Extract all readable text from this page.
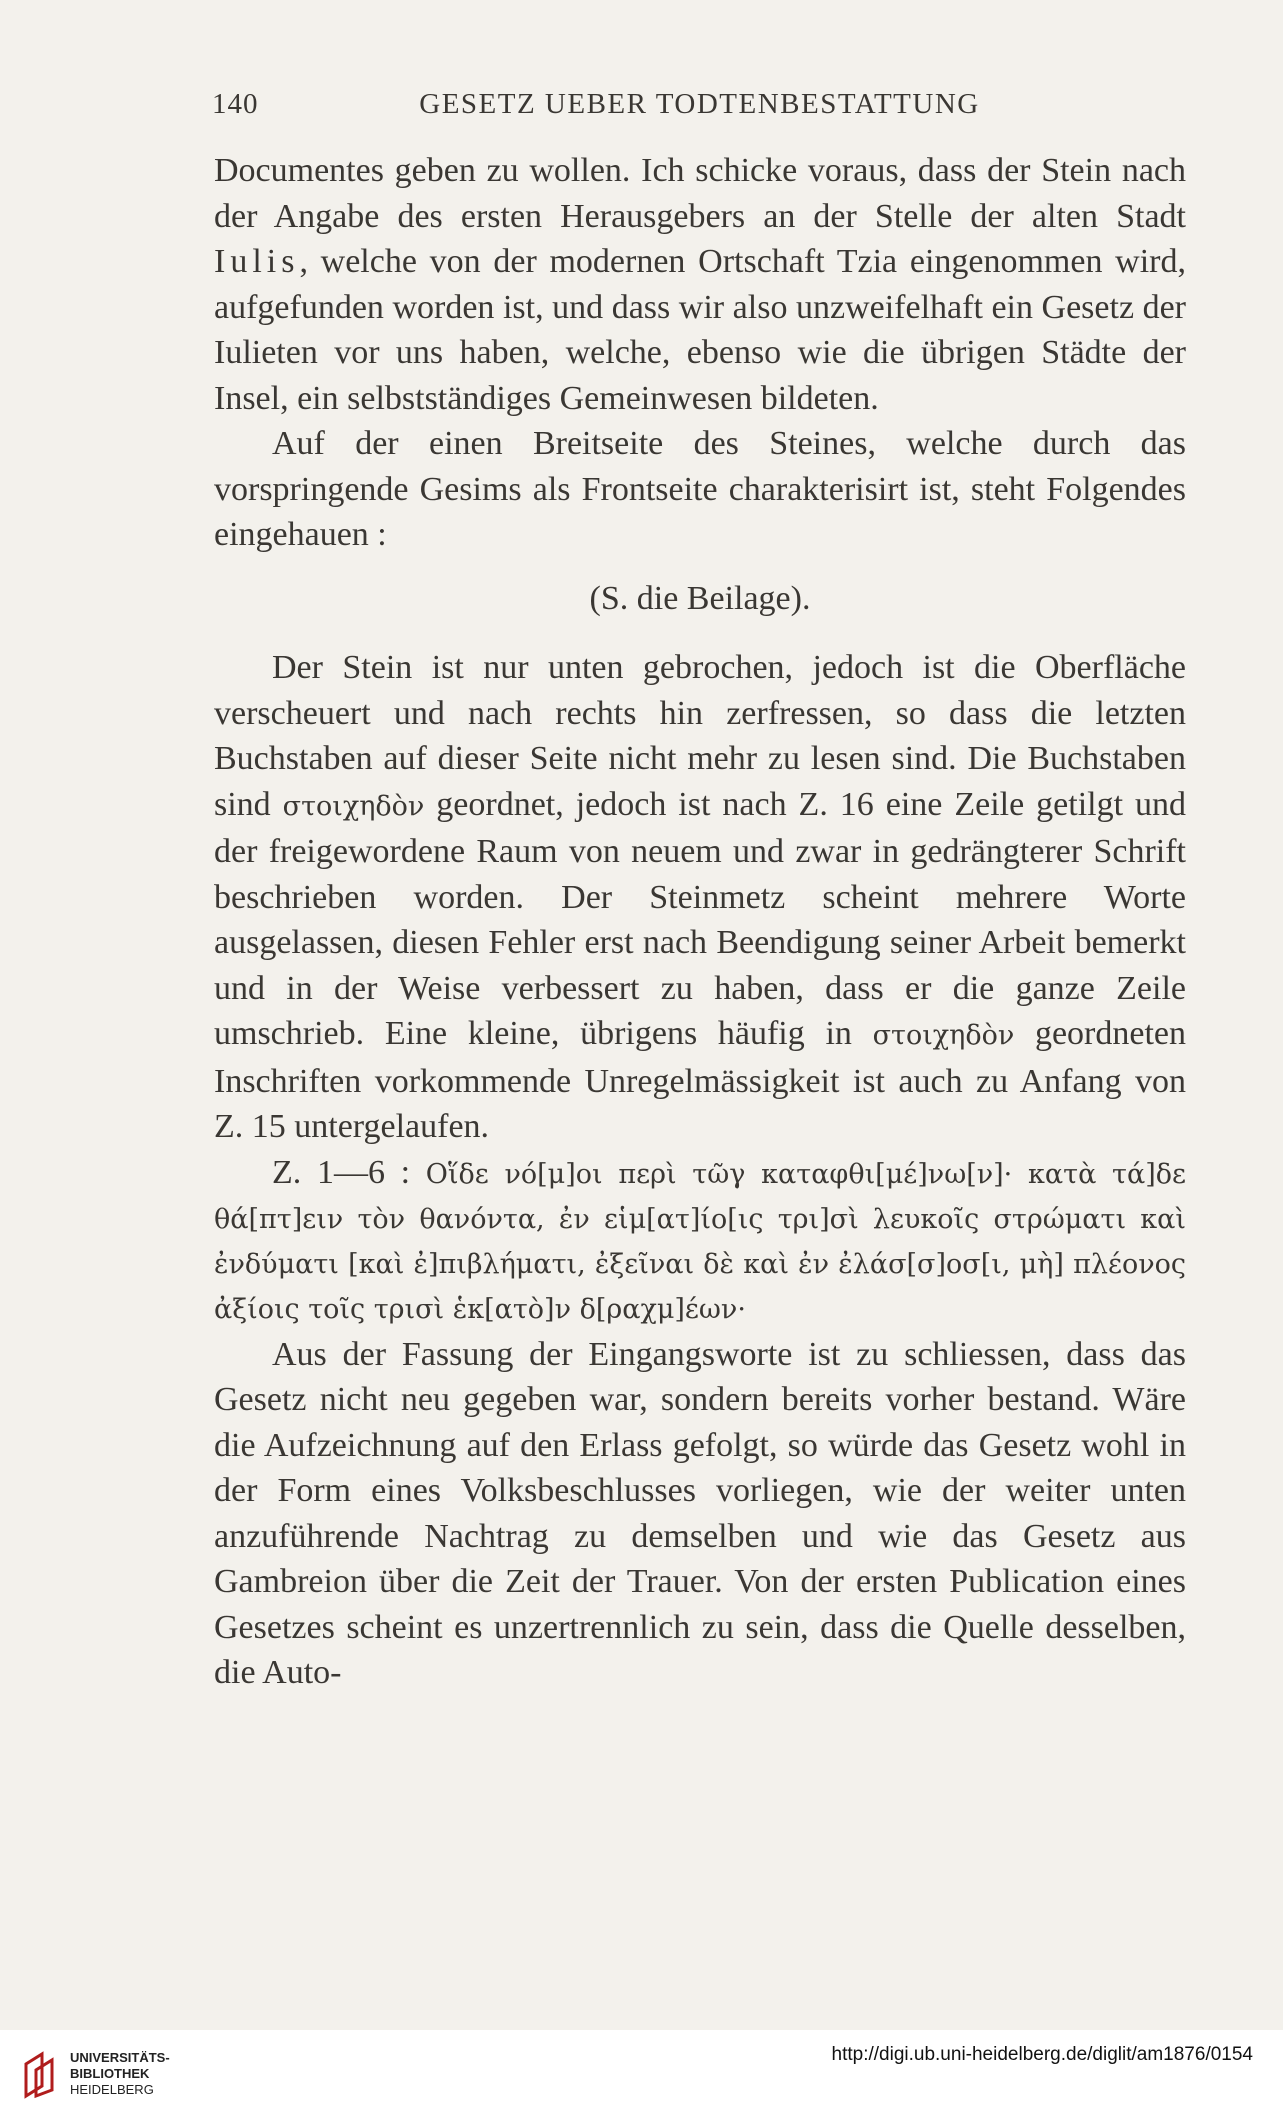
140	GESETZ UEBER TODTENBESTATTUNG

Documentes geben zu wollen. Ich schicke voraus, dass der Stein nach der Angabe des ersten Herausgebers an der Stelle der alten Stadt Iulis, welche von der modernen Ortschaft Tzia eingenommen wird, aufgefunden worden ist, und dass wir also unzweifelhaft ein Gesetz der Iulieten vor uns haben, welche, ebenso wie die übrigen Städte der Insel, ein selbstständiges Gemeinwesen bildeten.

Auf der einen Breitseite des Steines, welche durch das vorspringende Gesims als Frontseite charakterisirt ist, steht Folgendes eingehauen :

(S. die Beilage).

Der Stein ist nur unten gebrochen, jedoch ist die Oberfläche verscheuert und nach rechts hin zerfressen, so dass die letzten Buchstaben auf dieser Seite nicht mehr zu lesen sind. Die Buchstaben sind στοιχηδὸν geordnet, jedoch ist nach Z. 16 eine Zeile getilgt und der freigewordene Raum von neuem und zwar in gedrängterer Schrift beschrieben worden. Der Steinmetz scheint mehrere Worte ausgelassen, diesen Fehler erst nach Beendigung seiner Arbeit bemerkt und in der Weise verbessert zu haben, dass er die ganze Zeile umschrieb. Eine kleine, übrigens häufig in στοιχηδὸν geordneten Inschriften vorkommende Unregelmässigkeit ist auch zu Anfang von Z. 15 untergelaufen.

Z. 1—6 : Οἵδε νό[μ]οι περὶ τῶγ καταφθι[μέ]νω[ν]· κατὰ τά]δε θά[πτ]ειν τὸν θανόντα, ἐν εἱμ[ατ]ίο[ις τρι]σὶ λευκοῖς στρώματι καὶ ἐνδύματι [καὶ ἐ]πιβλήματι, ἐξεῖναι δὲ καὶ ἐν ἐλάσ[σ]οσ[ι, μὴ] πλέονος ἀξίοις τοῖς τρισὶ ἑκ[ατὸ]ν δ[ραχμ]έων·

Aus der Fassung der Eingangsworte ist zu schliessen, dass das Gesetz nicht neu gegeben war, sondern bereits vorher bestand. Wäre die Aufzeichnung auf den Erlass gefolgt, so würde das Gesetz wohl in der Form eines Volksbeschlusses vorliegen, wie der weiter unten anzuführende Nachtrag zu demselben und wie das Gesetz aus Gambreion über die Zeit der Trauer. Von der ersten Publication eines Gesetzes scheint es unzertrennlich zu sein, dass die Quelle desselben, die Auto-

UNIVERSITÄTS-
BIBLIOTHEK
HEIDELBERG
http://digi.ub.uni-heidelberg.de/diglit/am1876/0154
